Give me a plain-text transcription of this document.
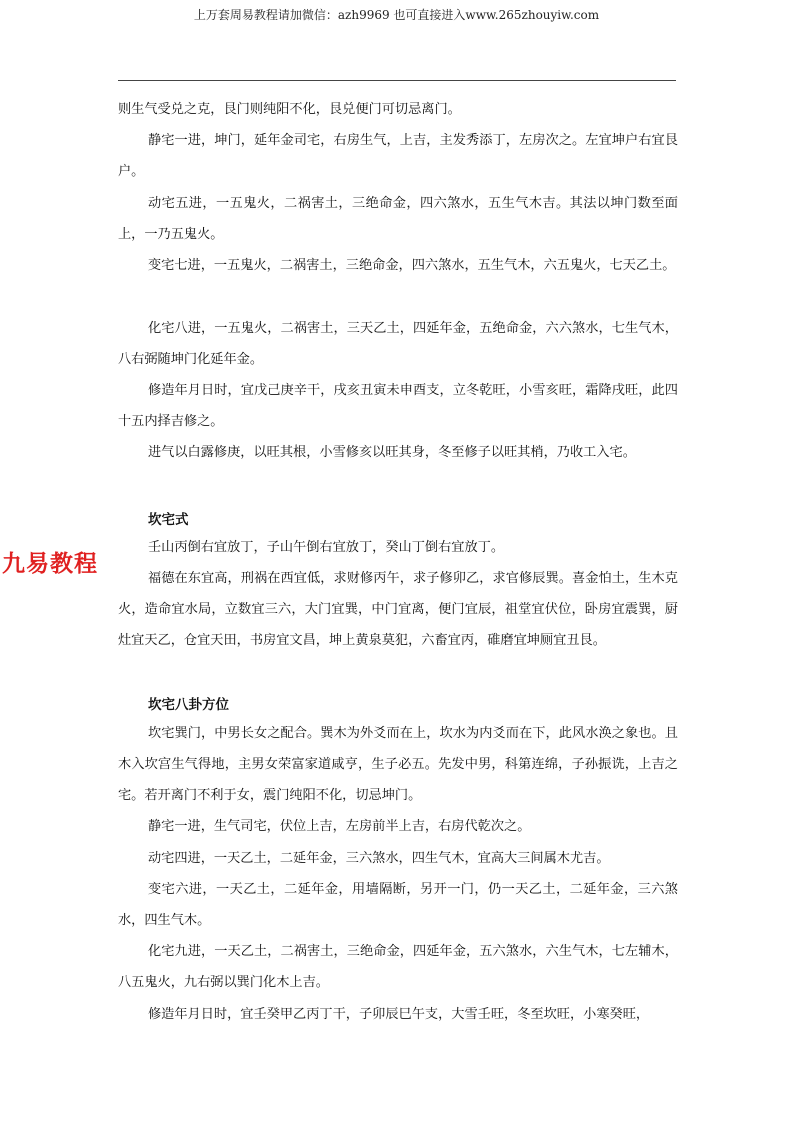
上万套周易教程请加微信：azh9969 也可直接进入www.265zhouyiw.com
九易教程

则生气受兑之克，艮门则纯阳不化，艮兑便门可切忌离门。

静宅一进，坤门，延年金司宅，右房生气，上吉，主发秀添丁，左房次之。左宜坤户右宜艮户。

动宅五进，一五鬼火，二祸害土，三绝命金，四六煞水，五生气木吉。其法以坤门数至面上，一乃五鬼火。

变宅七进，一五鬼火，二祸害土，三绝命金，四六煞水，五生气木，六五鬼火，七天乙土。

化宅八进，一五鬼火，二祸害土，三天乙土，四延年金，五绝命金，六六煞水，七生气木，八右弼随坤门化延年金。

修造年月日时，宜戊己庚辛干，戌亥丑寅未申酉支，立冬乾旺，小雪亥旺，霜降戌旺，此四十五内择吉修之。

进气以白露修庚，以旺其根，小雪修亥以旺其身，冬至修子以旺其梢，乃收工入宅。

坎宅式

壬山丙倒右宜放丁，子山午倒右宜放丁，癸山丁倒右宜放丁。

福德在东宜高，刑祸在西宜低，求财修丙午，求子修卯乙，求官修辰巽。喜金怕土，生木克火，造命宜水局，立数宜三六，大门宜巽，中门宜离，便门宜辰，祖堂宜伏位，卧房宜震巽，厨灶宜天乙，仓宜天田，书房宜文昌，坤上黄泉莫犯，六畜宜丙，碓磨宜坤厕宜丑艮。

坎宅八卦方位

坎宅巽门，中男长女之配合。巽木为外爻而在上，坎水为内爻而在下，此风水涣之象也。且木入坎宫生气得地，主男女荣富家道咸亨，生子必五。先发中男，科第连绵，子孙振诜，上吉之宅。若开离门不利于女，震门纯阳不化，切忌坤门。

静宅一进，生气司宅，伏位上吉，左房前半上吉，右房代乾次之。

动宅四进，一天乙土，二延年金，三六煞水，四生气木，宜高大三间属木尤吉。

变宅六进，一天乙土，二延年金，用墙隔断，另开一门，仍一天乙土，二延年金，三六煞水，四生气木。

化宅九进，一天乙土，二祸害土，三绝命金，四延年金，五六煞水，六生气木，七左辅木，八五鬼火，九右弼以巽门化木上吉。

修造年月日时，宜壬癸甲乙丙丁干，子卯辰巳午支，大雪壬旺，冬至坎旺，小寒癸旺，
